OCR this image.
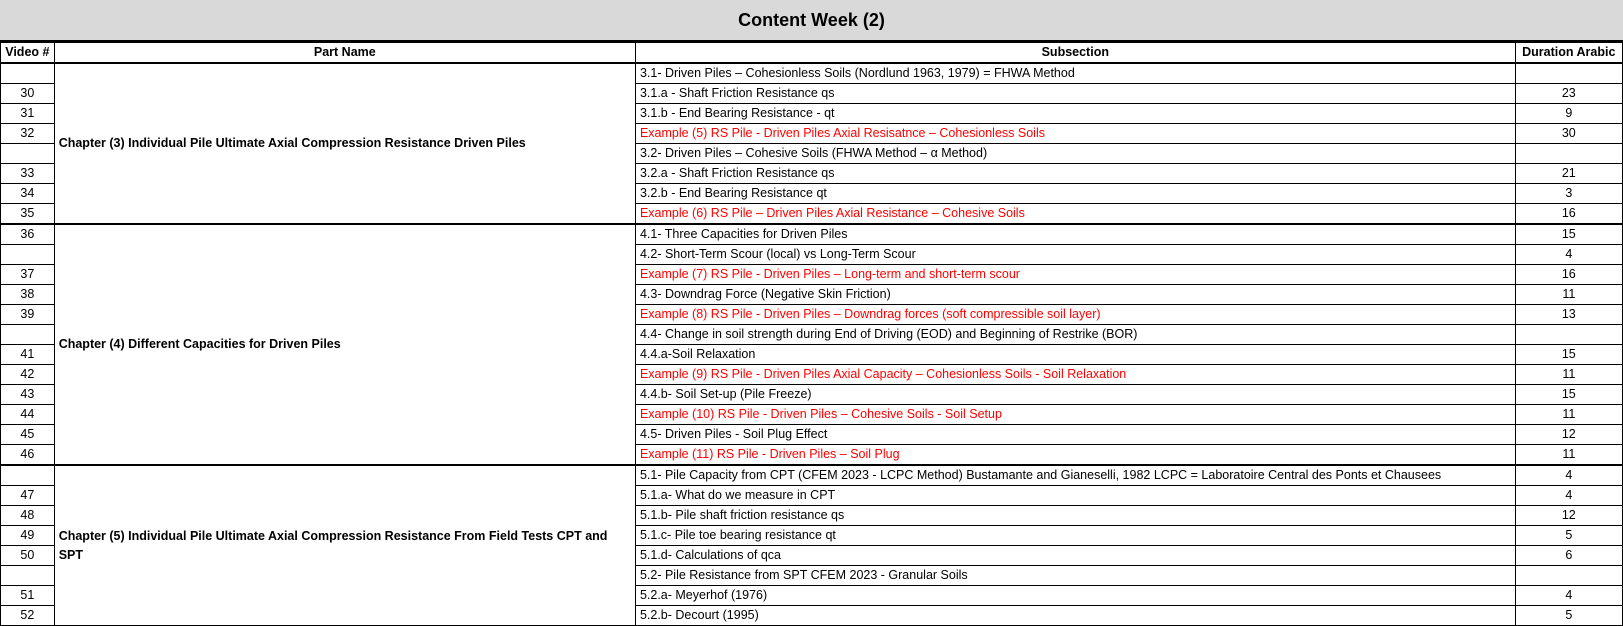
Content Week (2)
Video #	Part Name	Subsection	Duration Arabic
	Chapter (3) Individual Pile Ultimate Axial Compression Resistance Driven Piles	3.1- Driven Piles – Cohesionless Soils (Nordlund 1963, 1979) = FHWA Method	
30		3.1.a - Shaft Friction Resistance qs	23
31		3.1.b - End Bearing Resistance - qt	9
32		Example (5) RS Pile - Driven Piles Axial Resisatnce – Cohesionless Soils	30
		3.2- Driven Piles – Cohesive Soils (FHWA Method – α Method)	
33		3.2.a - Shaft Friction Resistance qs	21
34		3.2.b - End Bearing Resistance qt	3
35		Example (6) RS Pile – Driven Piles Axial Resistance – Cohesive Soils	16
36	Chapter (4) Different Capacities for Driven Piles	4.1- Three Capacities for Driven Piles	15
		4.2- Short-Term Scour (local) vs Long-Term Scour	4
37		Example (7) RS Pile - Driven Piles – Long-term and short-term scour	16
38		4.3- Downdrag Force (Negative Skin Friction)	11
39		Example (8) RS Pile - Driven Piles – Downdrag forces (soft compressible soil layer)	13
		4.4- Change in soil strength during End of Driving (EOD) and Beginning of Restrike (BOR)	
41		4.4.a-Soil Relaxation	15
42		Example (9) RS Pile - Driven Piles Axial Capacity – Cohesionless Soils - Soil Relaxation	11
43		4.4.b- Soil Set-up (Pile Freeze)	15
44		Example (10) RS Pile - Driven Piles – Cohesive Soils - Soil Setup	11
45		4.5- Driven Piles - Soil Plug Effect	12
46		Example (11) RS Pile - Driven Piles – Soil Plug	11
	Chapter (5) Individual Pile Ultimate Axial Compression Resistance From Field Tests CPT and SPT	5.1- Pile Capacity from CPT (CFEM 2023 - LCPC Method) Bustamante and Gianeselli, 1982 LCPC = Laboratoire Central des Ponts et Chausees	4
47		5.1.a- What do we measure in CPT	4
48		5.1.b- Pile shaft friction resistance qs	12
49		5.1.c- Pile toe bearing resistance qt	5
50		5.1.d- Calculations of qca	6
		5.2- Pile Resistance from SPT CFEM 2023 - Granular Soils	
51		5.2.a- Meyerhof (1976)	4
52		5.2.b- Decourt (1995)	5
